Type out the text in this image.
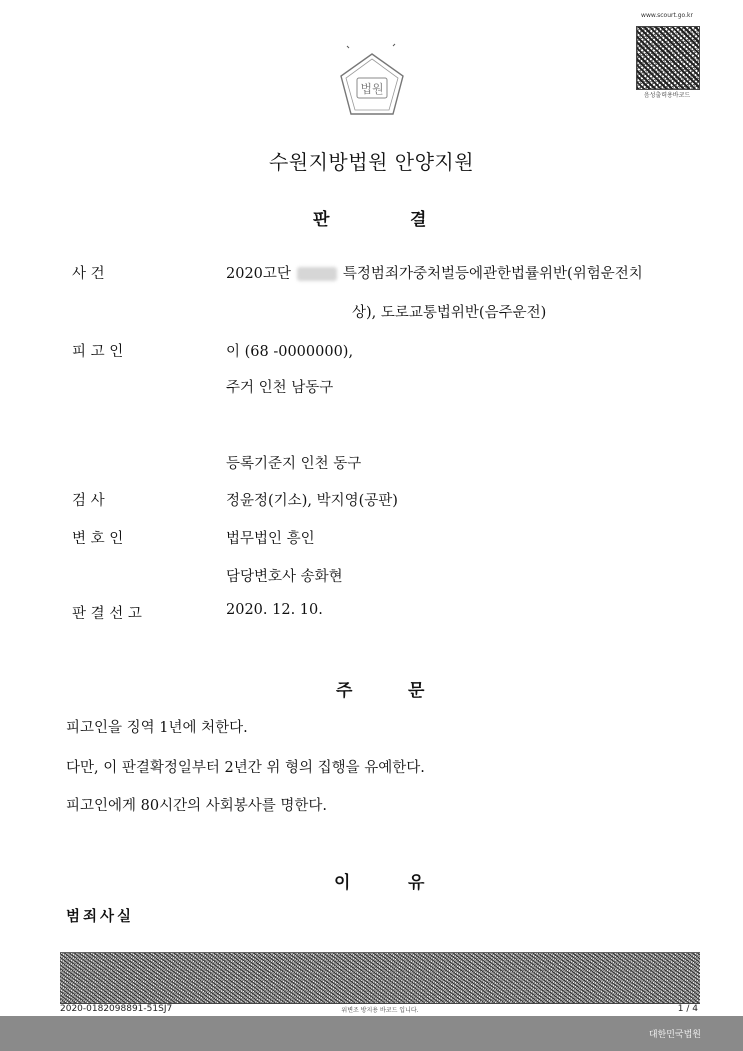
법원
www.scourt.go.kr
음성출력용바코드
수원지방법원 안양지원
판	결
사 건	2020고단	특정범죄가중처벌등에관한법률위반(위험운전치
상), 도로교통법위반(음주운전)
피 고 인	이 (68 -0000000),
주거 인천 남동구
등록기준지 인천 동구
검 사	정윤정(기소), 박지영(공판)
변 호 인	법무법인 흥인
담당변호사 송화현
판 결 선 고	2020. 12. 10.
주	문
피고인을 징역 1년에 처한다.
다만, 이 판결확정일부터 2년간 위 형의 집행을 유예한다.
피고인에게 80시간의 사회봉사를 명한다.
이	유
범죄사실
2020-0182098891-51SJ7	위변조 방지용 바코드 입니다.	1 / 4
대한민국법원
